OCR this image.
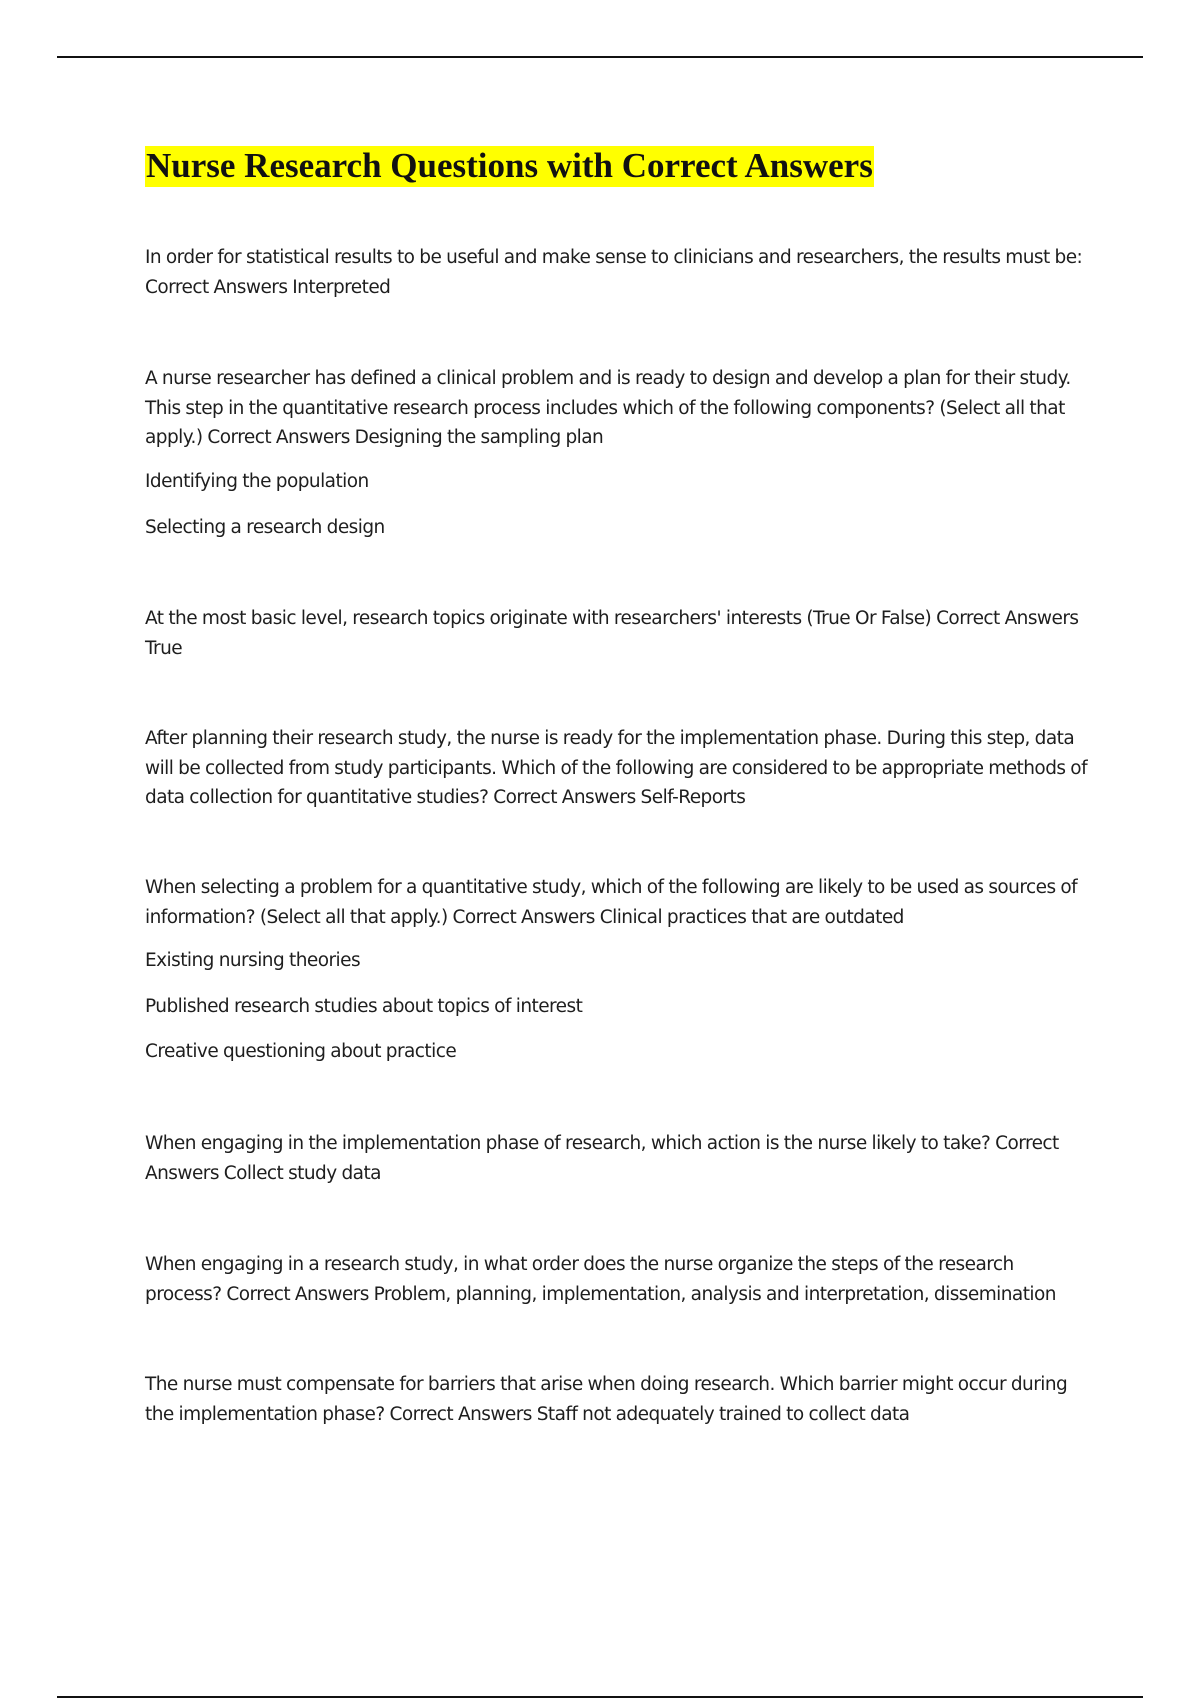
Nurse Research Questions with Correct Answers

In order for statistical results to be useful and make sense to clinicians and researchers, the results must be: Correct Answers Interpreted

A nurse researcher has defined a clinical problem and is ready to design and develop a plan for their study. This step in the quantitative research process includes which of the following components? (Select all that apply.) Correct Answers Designing the sampling plan

Identifying the population

Selecting a research design

At the most basic level, research topics originate with researchers' interests (True Or False) Correct Answers True

After planning their research study, the nurse is ready for the implementation phase. During this step, data will be collected from study participants. Which of the following are considered to be appropriate methods of data collection for quantitative studies? Correct Answers Self-Reports

When selecting a problem for a quantitative study, which of the following are likely to be used as sources of information? (Select all that apply.) Correct Answers Clinical practices that are outdated

Existing nursing theories

Published research studies about topics of interest

Creative questioning about practice

When engaging in the implementation phase of research, which action is the nurse likely to take? Correct Answers Collect study data

When engaging in a research study, in what order does the nurse organize the steps of the research process? Correct Answers Problem, planning, implementation, analysis and interpretation, dissemination

The nurse must compensate for barriers that arise when doing research. Which barrier might occur during the implementation phase? Correct Answers Staff not adequately trained to collect data
